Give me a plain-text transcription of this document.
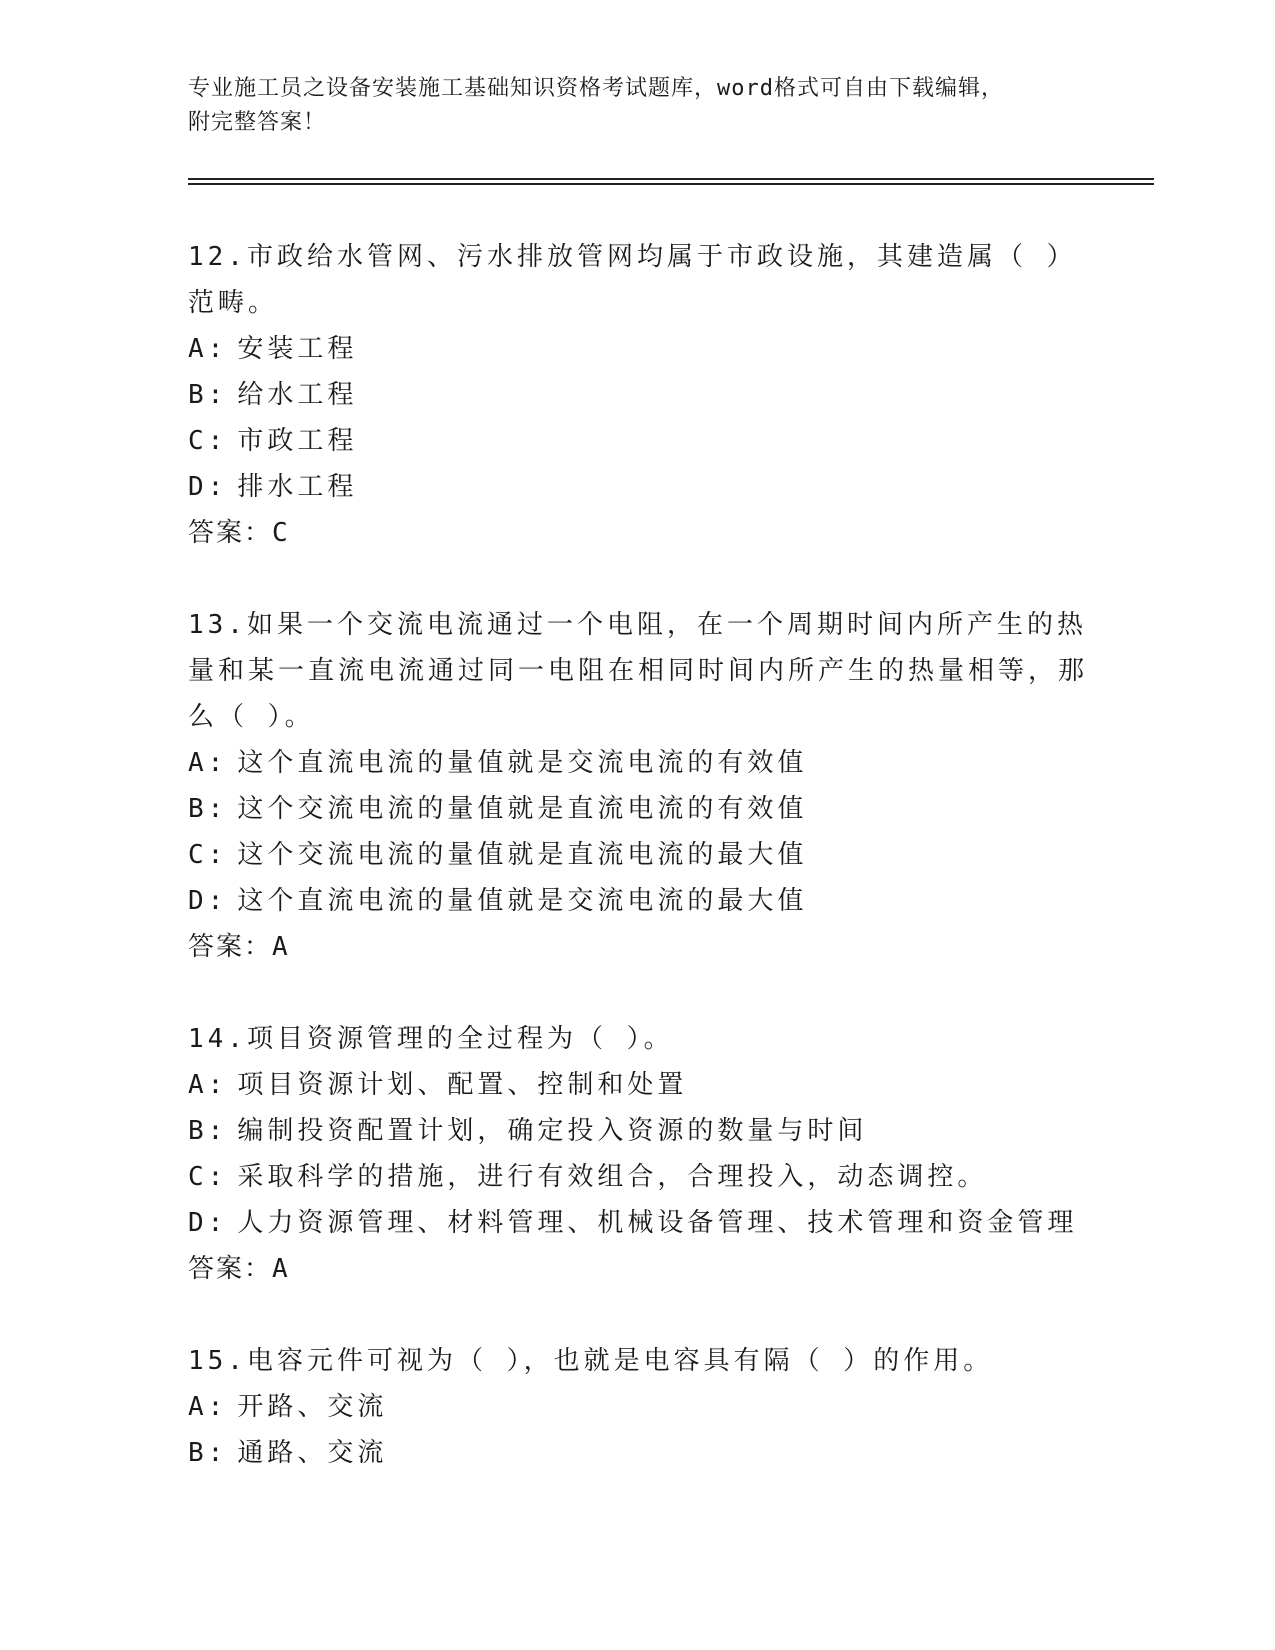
专业施工员之设备安装施工基础知识资格考试题库，word格式可自由下载编辑，
附完整答案！

12.市政给水管网、污水排放管网均属于市政设施，其建造属（ ）范畴。

A: 安装工程

B: 给水工程

C: 市政工程

D: 排水工程

答案：C

13.如果一个交流电流通过一个电阻，在一个周期时间内所产生的热量和某一直流电流通过同一电阻在相同时间内所产生的热量相等，那么（ ）。

A: 这个直流电流的量值就是交流电流的有效值

B: 这个交流电流的量值就是直流电流的有效值

C: 这个交流电流的量值就是直流电流的最大值

D: 这个直流电流的量值就是交流电流的最大值

答案：A

14.项目资源管理的全过程为（ ）。

A: 项目资源计划、配置、控制和处置

B: 编制投资配置计划，确定投入资源的数量与时间

C: 采取科学的措施，进行有效组合，合理投入，动态调控。

D: 人力资源管理、材料管理、机械设备管理、技术管理和资金管理

答案：A

15.电容元件可视为（ ），也就是电容具有隔（ ）的作用。

A: 开路、交流

B: 通路、交流
